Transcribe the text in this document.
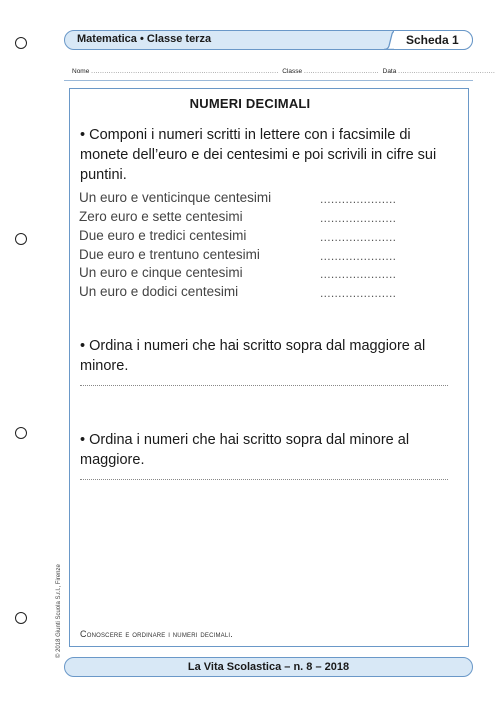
Matematica • Classe terza	Scheda 1
Nome ..................................................................................... Classe .................................. Data ............................................
NUMERI DECIMALI
• Componi i numeri scritti in lettere con i facsimile di monete dell’euro e dei centesimi e poi scrivili in cifre sui puntini.
Un euro e venticinque centesimi	.....................
Zero euro e sette centesimi	.....................
Due euro e tredici centesimi	.....................
Due euro e trentuno centesimi	.....................
Un euro e cinque centesimi	.....................
Un euro e dodici centesimi	.....................
• Ordina i numeri che hai scritto sopra dal maggiore al minore.
• Ordina i numeri che hai scritto sopra dal minore al maggiore.
Conoscere e ordinare i numeri decimali.
© 2018 Giunti Scuola S.r.l., Firenze
La Vita Scolastica – n. 8 – 2018
